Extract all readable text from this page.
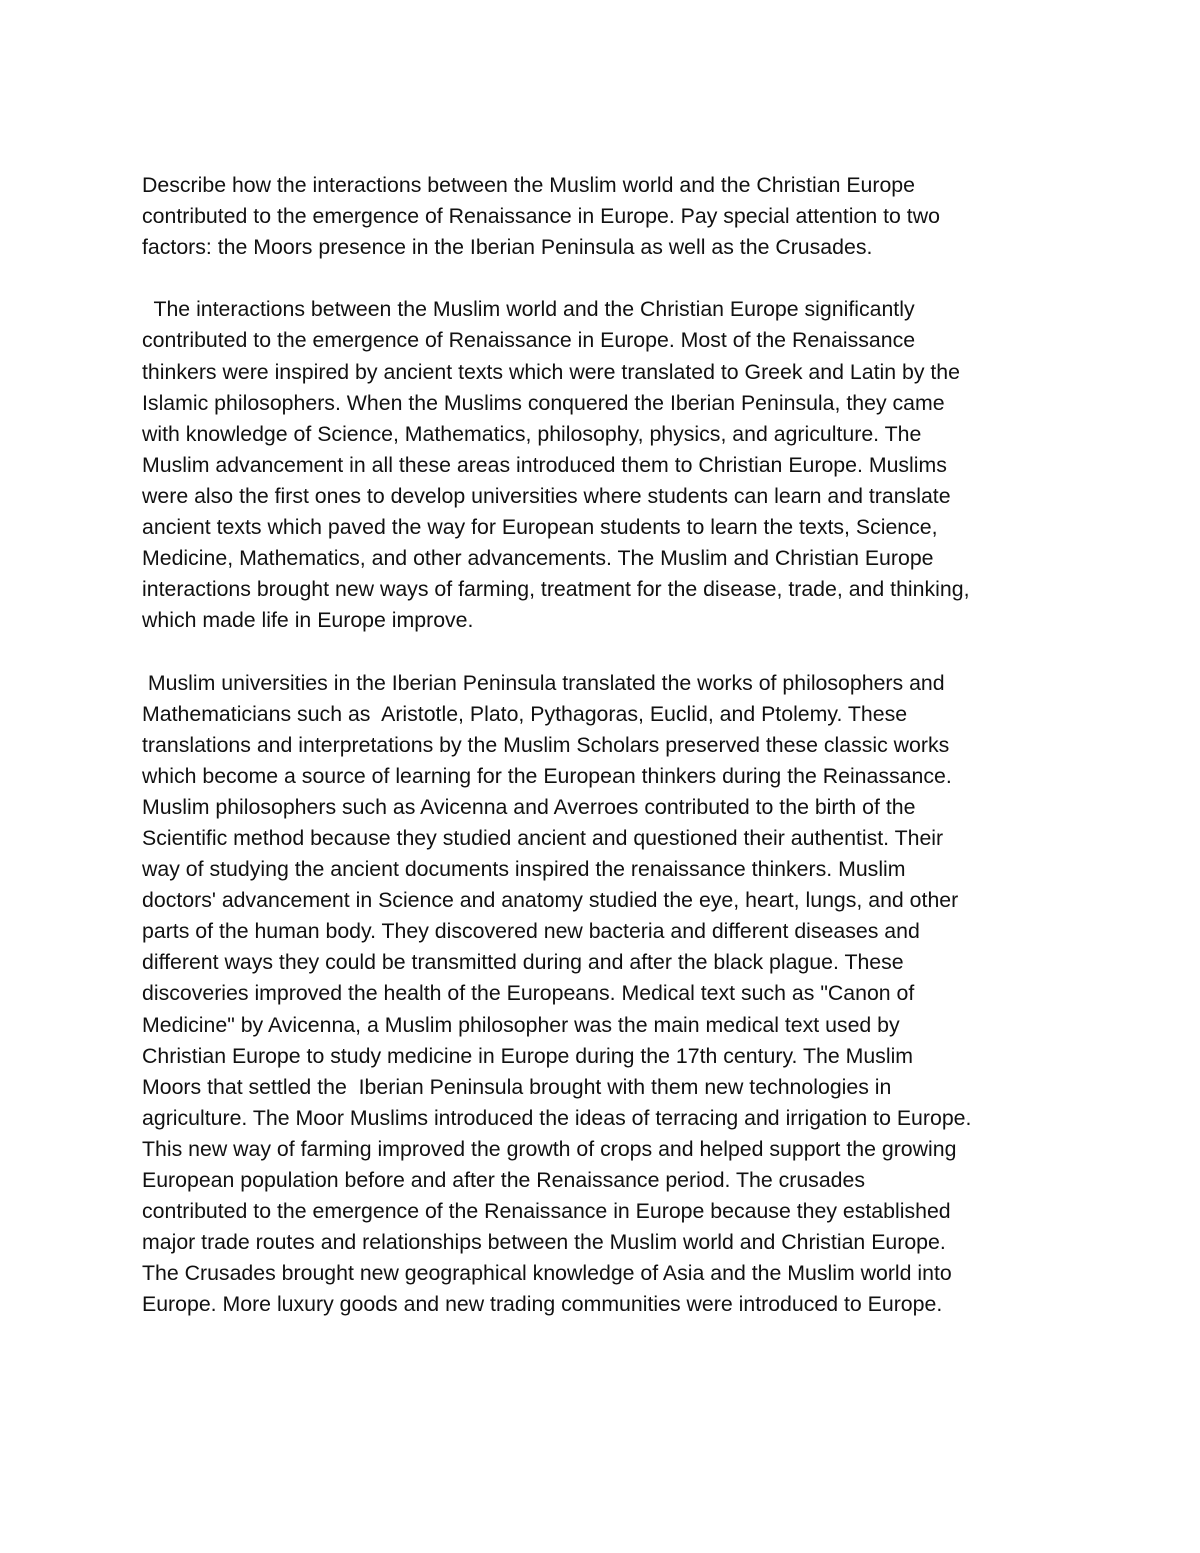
Describe how the interactions between the Muslim world and the Christian Europe
contributed to the emergence of Renaissance in Europe. Pay special attention to two
factors: the Moors presence in the Iberian Peninsula as well as the Crusades.
The interactions between the Muslim world and the Christian Europe significantly
contributed to the emergence of Renaissance in Europe. Most of the Renaissance
thinkers were inspired by ancient texts which were translated to Greek and Latin by the
Islamic philosophers. When the Muslims conquered the Iberian Peninsula, they came
with knowledge of Science, Mathematics, philosophy, physics, and agriculture. The
Muslim advancement in all these areas introduced them to Christian Europe. Muslims
were also the first ones to develop universities where students can learn and translate
ancient texts which paved the way for European students to learn the texts, Science,
Medicine, Mathematics, and other advancements. The Muslim and Christian Europe
interactions brought new ways of farming, treatment for the disease, trade, and thinking,
which made life in Europe improve.
Muslim universities in the Iberian Peninsula translated the works of philosophers and
Mathematicians such as  Aristotle, Plato, Pythagoras, Euclid, and Ptolemy. These
translations and interpretations by the Muslim Scholars preserved these classic works
which become a source of learning for the European thinkers during the Reinassance.
Muslim philosophers such as Avicenna and Averroes contributed to the birth of the
Scientific method because they studied ancient and questioned their authentist. Their
way of studying the ancient documents inspired the renaissance thinkers. Muslim
doctors' advancement in Science and anatomy studied the eye, heart, lungs, and other
parts of the human body. They discovered new bacteria and different diseases and
different ways they could be transmitted during and after the black plague. These
discoveries improved the health of the Europeans. Medical text such as "Canon of
Medicine" by Avicenna, a Muslim philosopher was the main medical text used by
Christian Europe to study medicine in Europe during the 17th century. The Muslim
Moors that settled the  Iberian Peninsula brought with them new technologies in
agriculture. The Moor Muslims introduced the ideas of terracing and irrigation to Europe.
This new way of farming improved the growth of crops and helped support the growing
European population before and after the Renaissance period. The crusades
contributed to the emergence of the Renaissance in Europe because they established
major trade routes and relationships between the Muslim world and Christian Europe.
The Crusades brought new geographical knowledge of Asia and the Muslim world into
Europe. More luxury goods and new trading communities were introduced to Europe.
